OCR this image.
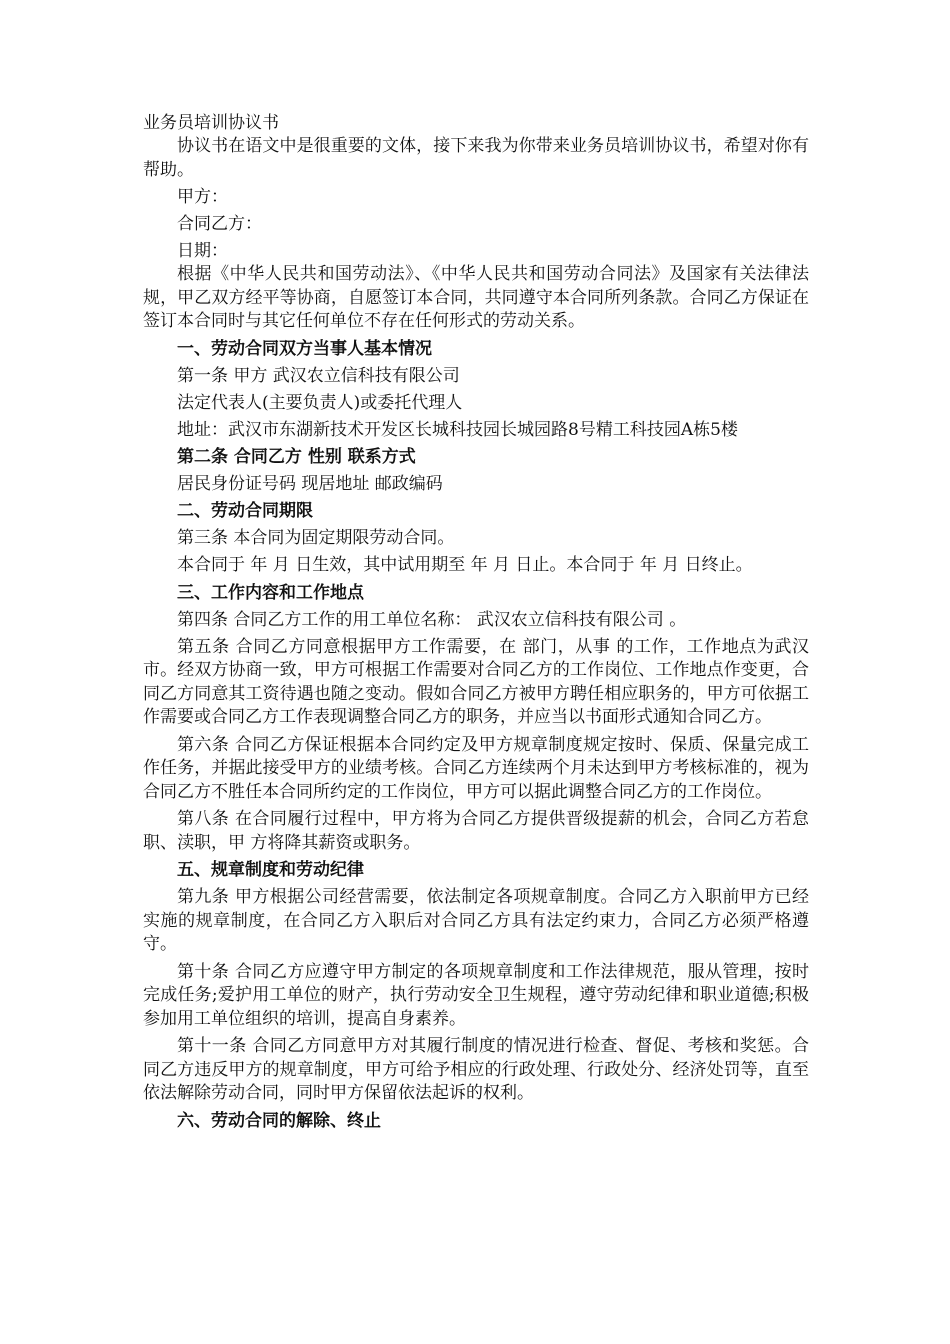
业务员培训协议书

协议书在语文中是很重要的文体，接下来我为你带来业务员培训协议书，希望对你有帮助。

甲方：

合同乙方：

日期：

根据《中华人民共和国劳动法》、《中华人民共和国劳动合同法》及国家有关法律法规，甲乙双方经平等协商，自愿签订本合同，共同遵守本合同所列条款。合同乙方保证在签订本合同时与其它任何单位不存在任何形式的劳动关系。

一、劳动合同双方当事人基本情况

第一条 甲方 武汉农立信科技有限公司

法定代表人(主要负责人)或委托代理人

地址：武汉市东湖新技术开发区长城科技园长城园路8号精工科技园A栋5楼

第二条 合同乙方 性别 联系方式

居民身份证号码 现居地址 邮政编码

二、劳动合同期限

第三条 本合同为固定期限劳动合同。

本合同于 年 月 日生效，其中试用期至 年 月 日止。本合同于 年 月 日终止。

三、工作内容和工作地点

第四条 合同乙方工作的用工单位名称： 武汉农立信科技有限公司 。

第五条 合同乙方同意根据甲方工作需要，在 部门，从事 的工作，工作地点为武汉市。经双方协商一致，甲方可根据工作需要对合同乙方的工作岗位、工作地点作变更，合同乙方同意其工资待遇也随之变动。假如合同乙方被甲方聘任相应职务的，甲方可依据工作需要或合同乙方工作表现调整合同乙方的职务，并应当以书面形式通知合同乙方。

第六条 合同乙方保证根据本合同约定及甲方规章制度规定按时、保质、保量完成工作任务，并据此接受甲方的业绩考核。合同乙方连续两个月未达到甲方考核标准的，视为合同乙方不胜任本合同所约定的工作岗位，甲方可以据此调整合同乙方的工作岗位。

第八条 在合同履行过程中，甲方将为合同乙方提供晋级提薪的机会，合同乙方若怠职、渎职，甲 方将降其薪资或职务。

五、规章制度和劳动纪律

第九条 甲方根据公司经营需要，依法制定各项规章制度。合同乙方入职前甲方已经实施的规章制度，在合同乙方入职后对合同乙方具有法定约束力，合同乙方必须严格遵守。

第十条 合同乙方应遵守甲方制定的各项规章制度和工作法律规范，服从管理，按时完成任务;爱护用工单位的财产，执行劳动安全卫生规程，遵守劳动纪律和职业道德;积极参加用工单位组织的培训，提高自身素养。

第十一条 合同乙方同意甲方对其履行制度的情况进行检查、督促、考核和奖惩。合同乙方违反甲方的规章制度，甲方可给予相应的行政处理、行政处分、经济处罚等，直至依法解除劳动合同，同时甲方保留依法起诉的权利。

六、劳动合同的解除、终止
